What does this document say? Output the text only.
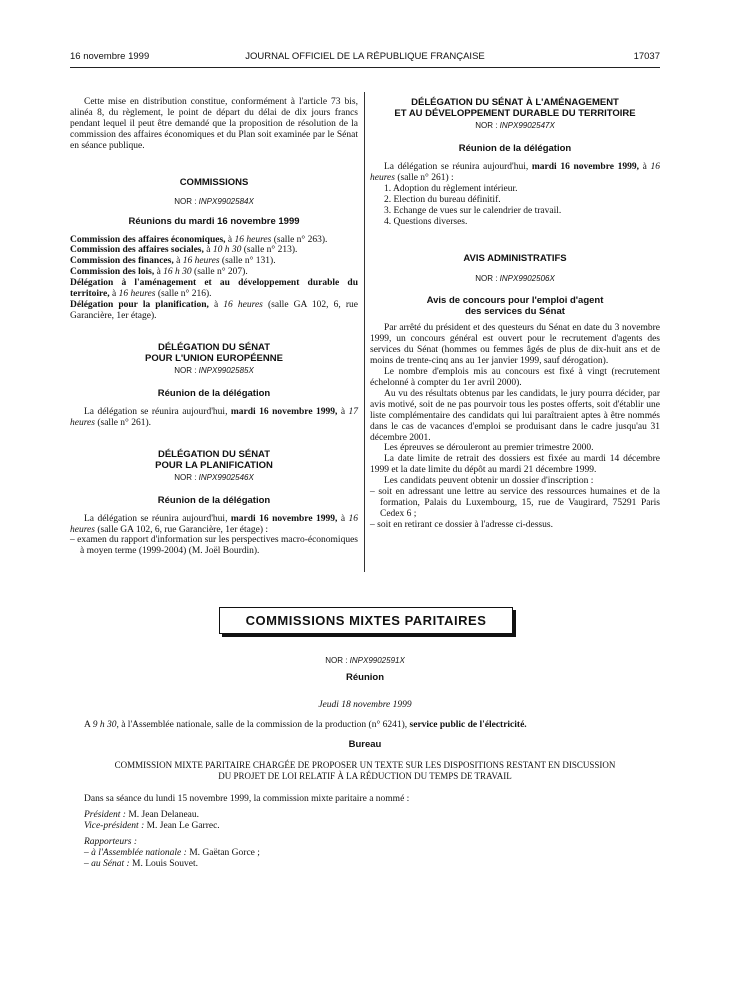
16 novembre 1999	JOURNAL OFFICIEL DE LA RÉPUBLIQUE FRANÇAISE	17037

Cette mise en distribution constitue, conformément à l'article 73 bis, alinéa 8, du règlement, le point de départ du délai de dix jours francs pendant lequel il peut être demandé que la proposition de résolution de la commission des affaires économiques et du Plan soit examinée par le Sénat en séance publique.

COMMISSIONS

NOR : INPX9902584X

Réunions du mardi 16 novembre 1999

Commission des affaires économiques, à 16 heures (salle n° 263).

Commission des affaires sociales, à 10 h 30 (salle n° 213).

Commission des finances, à 16 heures (salle n° 131).

Commission des lois, à 16 h 30 (salle n° 207).

Délégation à l'aménagement et au développement durable du territoire, à 16 heures (salle n° 216).

Délégation pour la planification, à 16 heures (salle GA 102, 6, rue Garancière, 1er étage).

DÉLÉGATION DU SÉNAT

POUR L'UNION EUROPÉENNE

NOR : INPX9902585X

Réunion de la délégation

La délégation se réunira aujourd'hui, mardi 16 novembre 1999, à 17 heures (salle n° 261).

DÉLÉGATION DU SÉNAT

POUR LA PLANIFICATION

NOR : INPX9902546X

Réunion de la délégation

La délégation se réunira aujourd'hui, mardi 16 novembre 1999, à 16 heures (salle GA 102, 6, rue Garancière, 1er étage) :

– examen du rapport d'information sur les perspectives macro-économiques à moyen terme (1999-2004) (M. Joël Bourdin).

DÉLÉGATION DU SÉNAT À L'AMÉNAGEMENT

ET AU DÉVELOPPEMENT DURABLE DU TERRITOIRE

NOR : INPX9902547X

Réunion de la délégation

La délégation se réunira aujourd'hui, mardi 16 novembre 1999, à 16 heures (salle n° 261) :

1. Adoption du règlement intérieur.
2. Election du bureau définitif.
3. Echange de vues sur le calendrier de travail.
4. Questions diverses.

AVIS ADMINISTRATIFS

NOR : INPX9902506X

Avis de concours pour l'emploi d'agent

des services du Sénat

Par arrêté du président et des questeurs du Sénat en date du 3 novembre 1999, un concours général est ouvert pour le recrutement d'agents des services du Sénat (hommes ou femmes âgés de plus de dix-huit ans et de moins de trente-cinq ans au 1er janvier 1999, sauf dérogation).

Le nombre d'emplois mis au concours est fixé à vingt (recrutement échelonné à compter du 1er avril 2000).

Au vu des résultats obtenus par les candidats, le jury pourra décider, par avis motivé, soit de ne pas pourvoir tous les postes offerts, soit d'établir une liste complémentaire des candidats qui lui paraîtraient aptes à être nommés dans le cas de vacances d'emploi se produisant dans le cadre jusqu'au 31 décembre 2001.

Les épreuves se dérouleront au premier trimestre 2000.

La date limite de retrait des dossiers est fixée au mardi 14 décembre 1999 et la date limite du dépôt au mardi 21 décembre 1999.

Les candidats peuvent obtenir un dossier d'inscription :

– soit en adressant une lettre au service des ressources humaines et de la formation, Palais du Luxembourg, 15, rue de Vaugirard, 75291 Paris Cedex 6 ;

– soit en retirant ce dossier à l'adresse ci-dessus.

COMMISSIONS MIXTES PARITAIRES

NOR : INPX9902591X

Réunion

Jeudi 18 novembre 1999

A 9 h 30, à l'Assemblée nationale, salle de la commission de la production (n° 6241), service public de l'électricité.

Bureau

COMMISSION MIXTE PARITAIRE CHARGÉE DE PROPOSER UN TEXTE SUR LES DISPOSITIONS RESTANT EN DISCUSSION

DU PROJET DE LOI RELATIF À LA RÉDUCTION DU TEMPS DE TRAVAIL

Dans sa séance du lundi 15 novembre 1999, la commission mixte paritaire a nommé :

Président : M. Jean Delaneau.

Vice-président : M. Jean Le Garrec.

Rapporteurs :

– à l'Assemblée nationale : M. Gaëtan Gorce ;

– au Sénat : M. Louis Souvet.
